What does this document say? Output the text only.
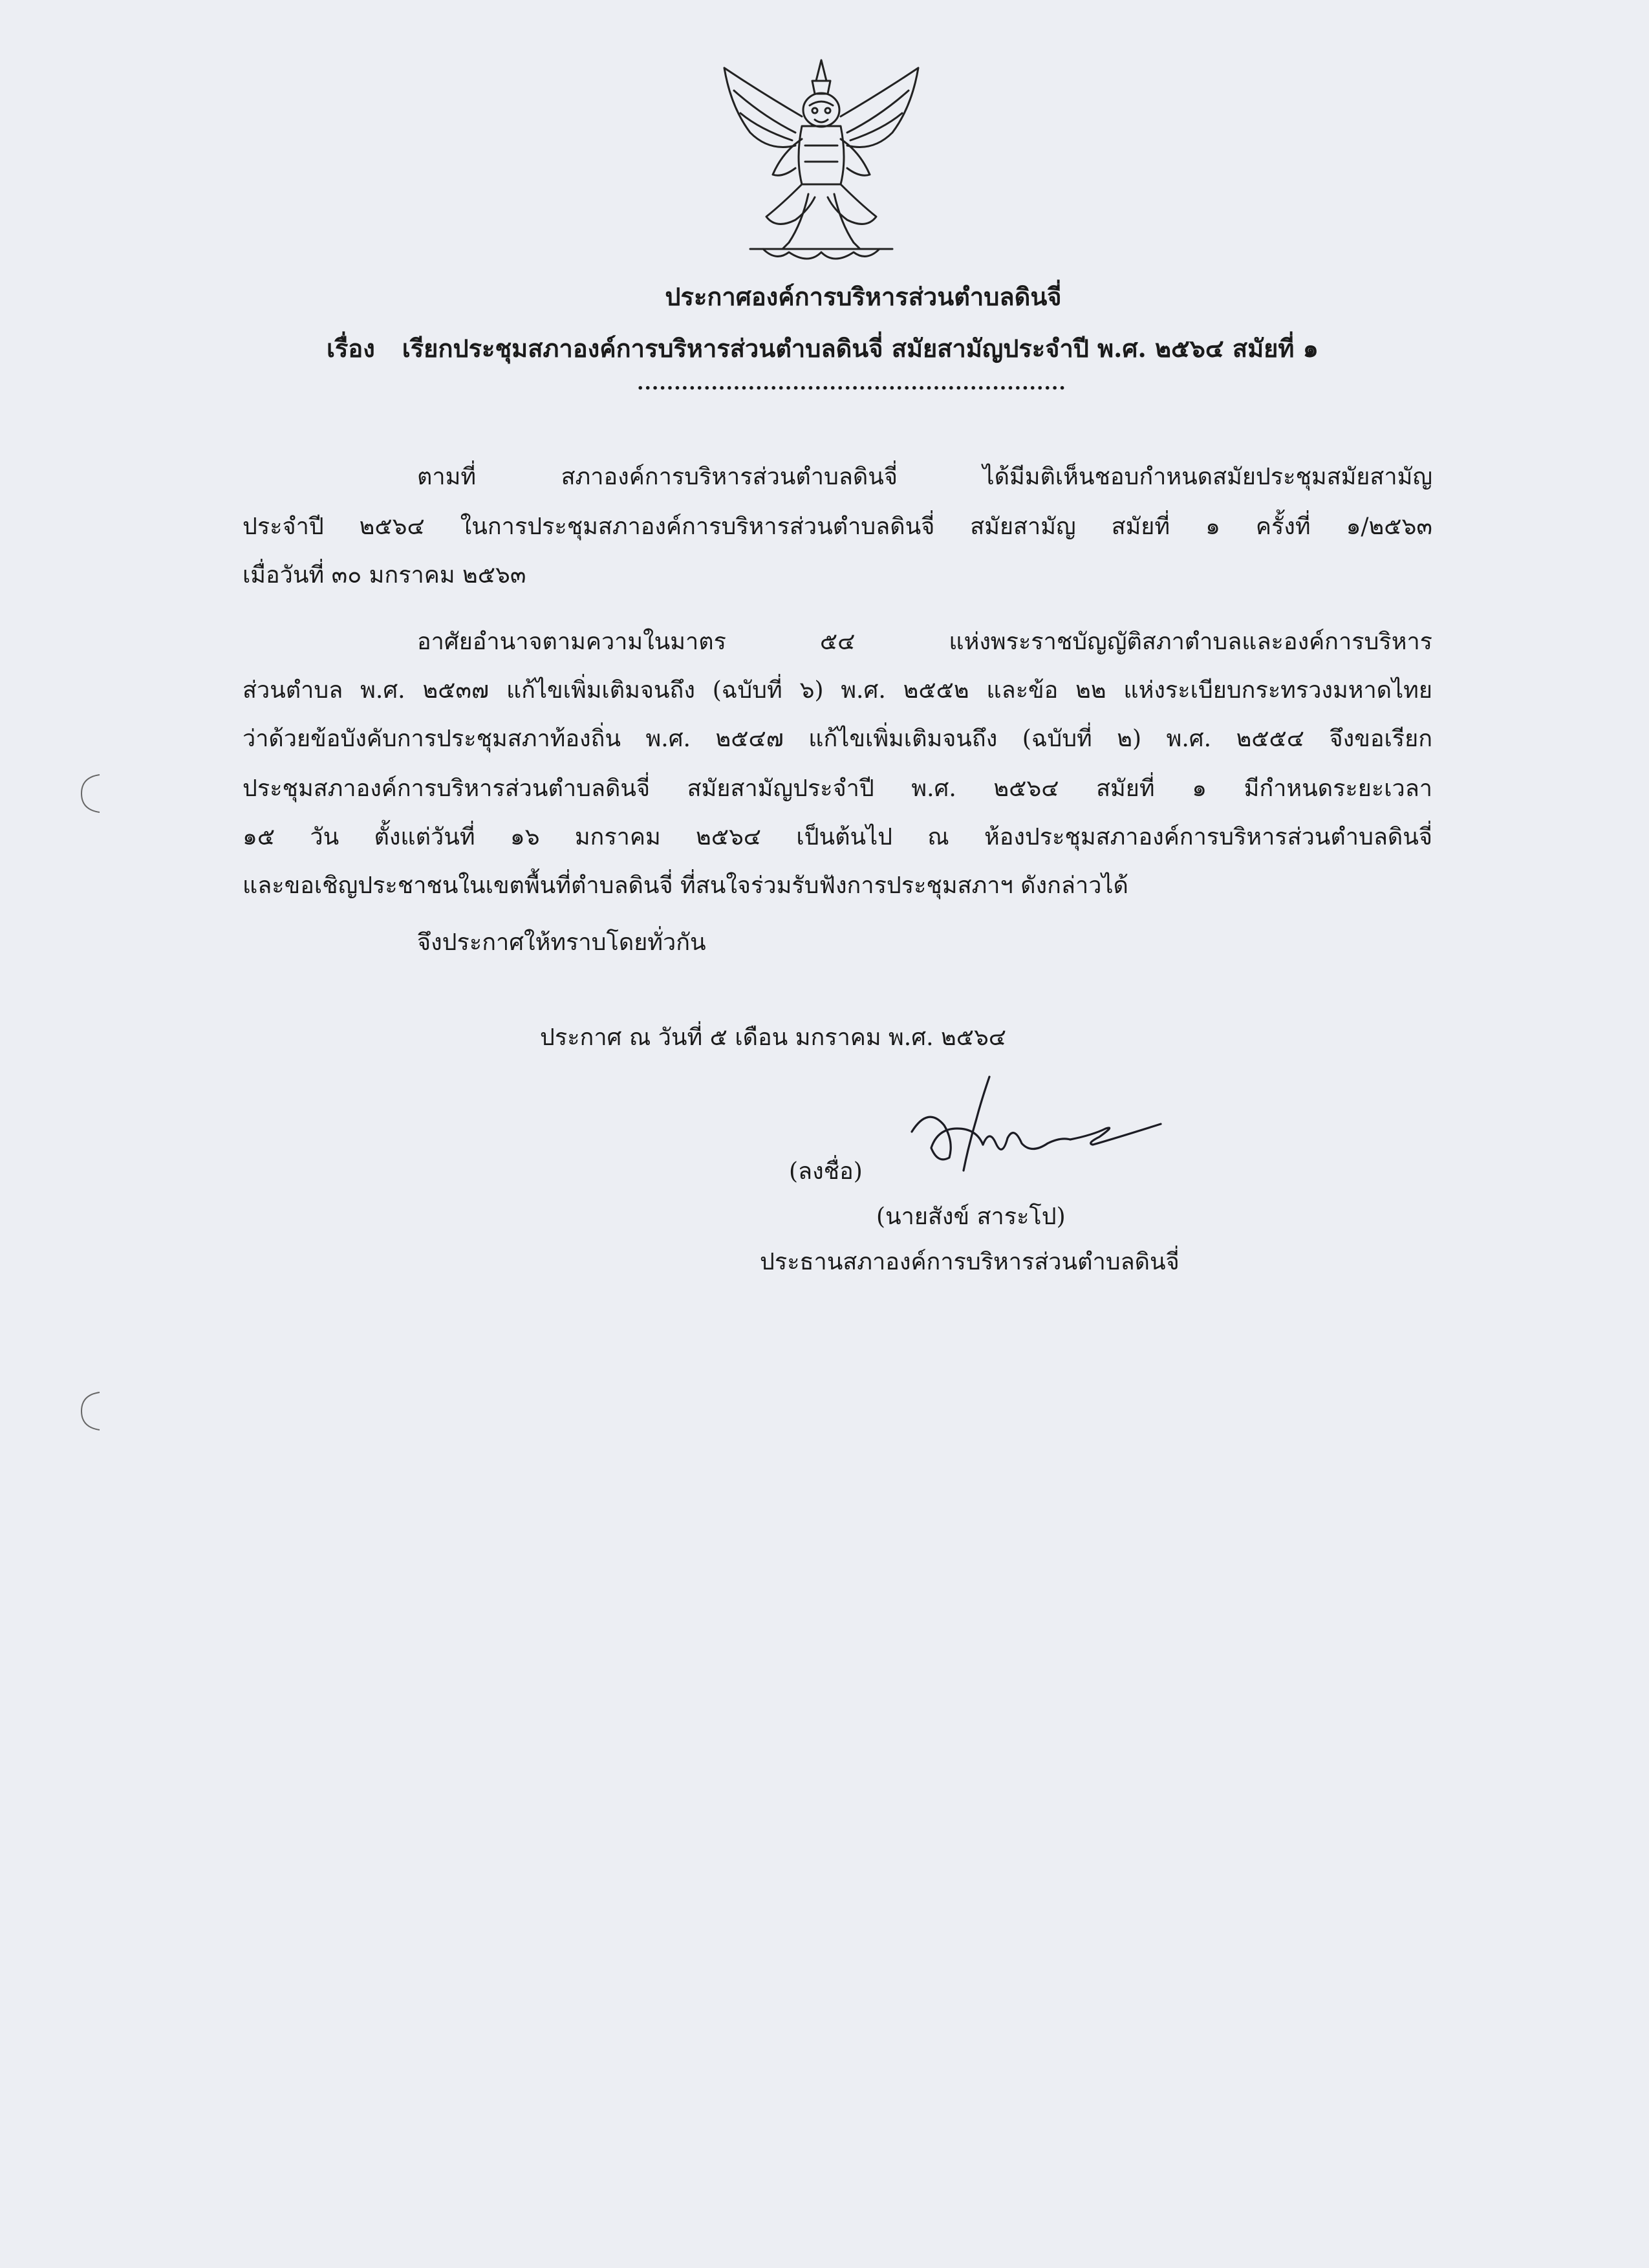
ประกาศองค์การบริหารส่วนตำบลดินจี่
เรื่อง เรียกประชุมสภาองค์การบริหารส่วนตำบลดินจี่ สมัยสามัญประจำปี พ.ศ. ๒๕๖๔ สมัยที่ ๑
..........................................................
ตามที่ สภาองค์การบริหารส่วนตำบลดินจี่ ได้มีมติเห็นชอบกำหนดสมัยประชุมสมัยสามัญ
ประจำปี ๒๕๖๔ ในการประชุมสภาองค์การบริหารส่วนตำบลดินจี่ สมัยสามัญ สมัยที่ ๑ ครั้งที่ ๑/๒๕๖๓
เมื่อวันที่ ๓๐ มกราคม ๒๕๖๓
อาศัยอำนาจตามความในมาตร ๕๔ แห่งพระราชบัญญัติสภาตำบลและองค์การบริหาร
ส่วนตำบล พ.ศ. ๒๕๓๗ แก้ไขเพิ่มเติมจนถึง (ฉบับที่ ๖) พ.ศ. ๒๕๕๒ และข้อ ๒๒ แห่งระเบียบกระทรวงมหาดไทย
ว่าด้วยข้อบังคับการประชุมสภาท้องถิ่น พ.ศ. ๒๕๔๗ แก้ไขเพิ่มเติมจนถึง (ฉบับที่ ๒) พ.ศ. ๒๕๕๔ จึงขอเรียก
ประชุมสภาองค์การบริหารส่วนตำบลดินจี่ สมัยสามัญประจำปี พ.ศ. ๒๕๖๔ สมัยที่ ๑ มีกำหนดระยะเวลา
๑๕ วัน ตั้งแต่วันที่ ๑๖ มกราคม ๒๕๖๔ เป็นต้นไป ณ ห้องประชุมสภาองค์การบริหารส่วนตำบลดินจี่
และขอเชิญประชาชนในเขตพื้นที่ตำบลดินจี่ ที่สนใจร่วมรับฟังการประชุมสภาฯ ดังกล่าวได้
จึงประกาศให้ทราบโดยทั่วกัน
ประกาศ ณ วันที่ ๕ เดือน มกราคม พ.ศ. ๒๕๖๔
(ลงชื่อ)
(นายสังข์ สาระโป)
ประธานสภาองค์การบริหารส่วนตำบลดินจี่
